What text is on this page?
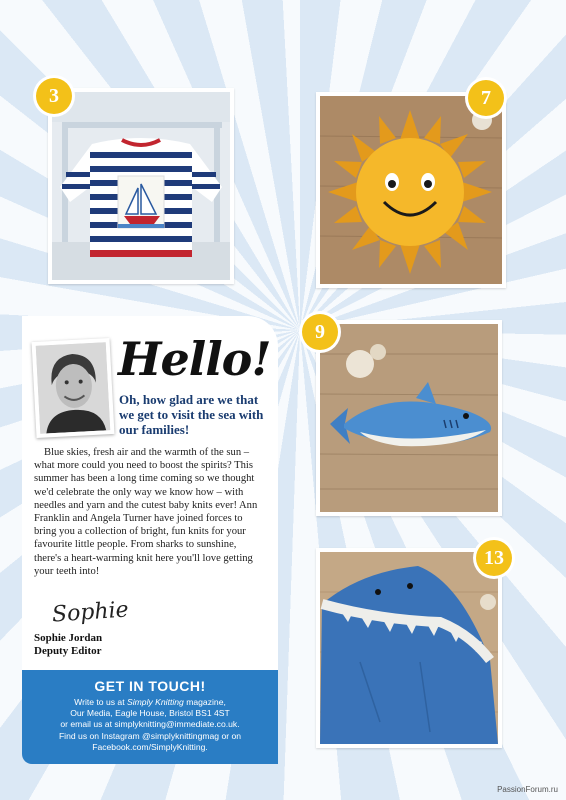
3	7
9
13
Hello!
Oh, how glad are we that we get to visit the sea with our families!
Blue skies, fresh air and the warmth of the sun – what more could you need to boost the spirits? This summer has been a long time coming so we thought we'd celebrate the only way we know how – with needles and yarn and the cutest baby knits ever! Ann Franklin and Angela Turner have joined forces to bring you a collection of bright, fun knits for your favourite little people. From sharks to sunshine, there's a heart-warming knit here you'll love getting your teeth into!
Sophie
Sophie Jordan
Deputy Editor
GET IN TOUCH!
Write to us at Simply Knitting magazine,
Our Media, Eagle House, Bristol BS1 4ST
or email us at simplyknitting@immediate.co.uk.
Find us on Instagram @simplyknittingmag or on
Facebook.com/SimplyKnitting.
PassionForum.ru
